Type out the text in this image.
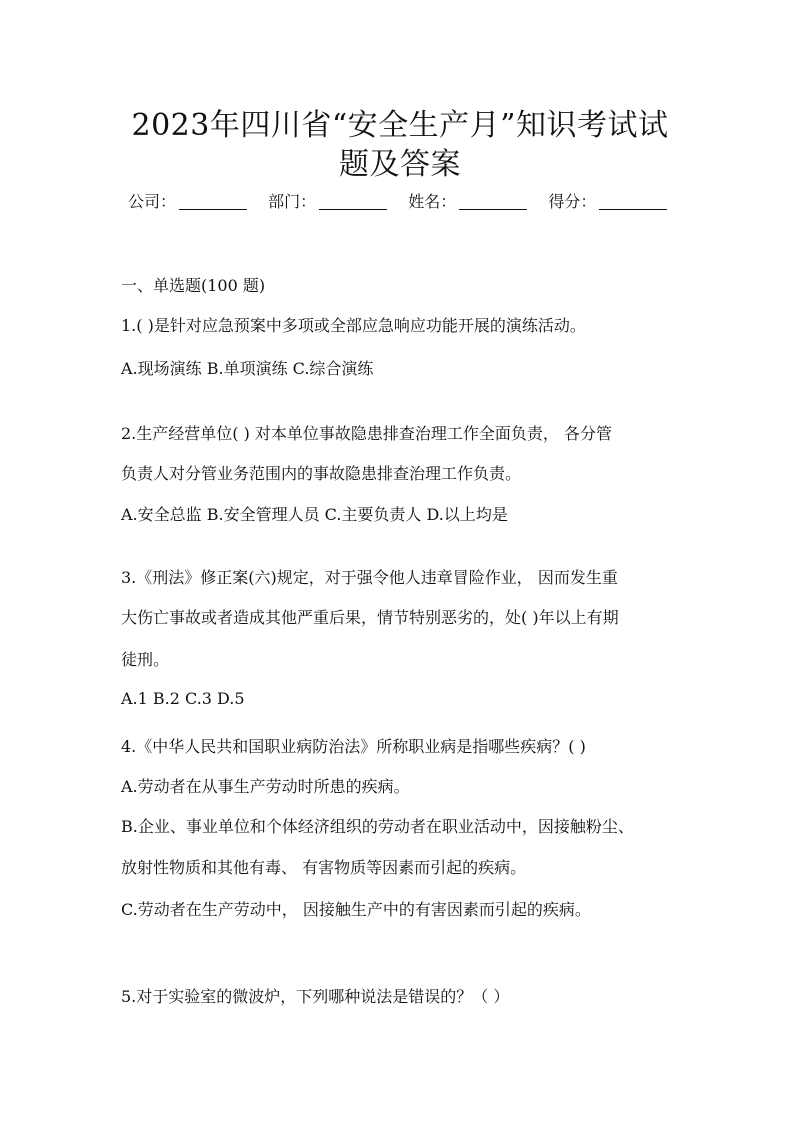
2023年四川省“安全生产月”知识考试试
题及答案
公司：	部门：	姓名：	得分：
一、单选题(100 题)
1.( )是针对应急预案中多项或全部应急响应功能开展的演练活动。
A.现场演练 B.单项演练 C.综合演练
2.生产经营单位( ) 对本单位事故隐患排查治理工作全面负责， 各分管
负责人对分管业务范围内的事故隐患排查治理工作负责。
A.安全总监 B.安全管理人员 C.主要负责人 D.以上均是
3.《刑法》修正案(六)规定，对于强令他人违章冒险作业， 因而发生重
大伤亡事故或者造成其他严重后果，情节特别恶劣的，处( )年以上有期
徒刑。
A.1 B.2 C.3 D.5
4.《中华人民共和国职业病防治法》所称职业病是指哪些疾病？( )
A.劳动者在从事生产劳动时所患的疾病。
B.企业、事业单位和个体经济组织的劳动者在职业活动中，因接触粉尘、
放射性物质和其他有毒、 有害物质等因素而引起的疾病。
C.劳动者在生产劳动中， 因接触生产中的有害因素而引起的疾病。
5.对于实验室的微波炉，下列哪种说法是错误的？（ ）
